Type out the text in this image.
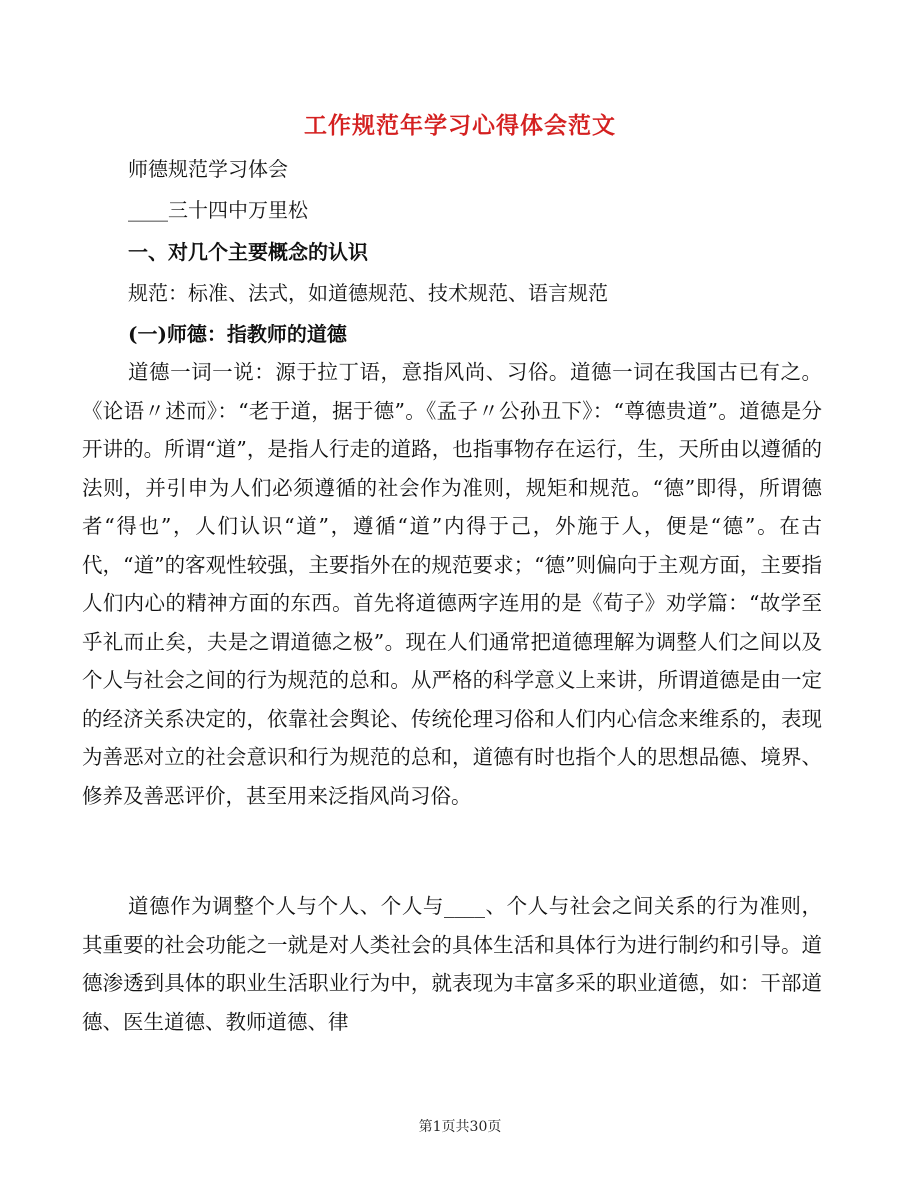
工作规范年学习心得体会范文
师德规范学习体会
____三十四中万里松
一、对几个主要概念的认识
规范：标准、法式，如道德规范、技术规范、语言规范
(一)师德：指教师的道德

道德一词一说：源于拉丁语，意指风尚、习俗。道德一词在我国古已有之。《论语〃述而》：“老于道，据于德”。《孟子〃公孙丑下》：“尊德贵道”。道德是分开讲的。所谓“道”，是指人行走的道路，也指事物存在运行，生，天所由以遵循的法则，并引申为人们必须遵循的社会作为准则，规矩和规范。“德”即得，所谓德者“得也”，人们认识“道”，遵循“道”内得于己，外施于人，便是“德”。在古代，“道”的客观性较强，主要指外在的规范要求；“德”则偏向于主观方面，主要指人们内心的精神方面的东西。首先将道德两字连用的是《荀子》劝学篇：“故学至乎礼而止矣，夫是之谓道德之极”。现在人们通常把道德理解为调整人们之间以及个人与社会之间的行为规范的总和。从严格的科学意义上来讲，所谓道德是由一定的经济关系决定的，依靠社会舆论、传统伦理习俗和人们内心信念来维系的，表现为善恶对立的社会意识和行为规范的总和，道德有时也指个人的思想品德、境界、修养及善恶评价，甚至用来泛指风尚习俗。

道德作为调整个人与个人、个人与____、个人与社会之间关系的行为准则，其重要的社会功能之一就是对人类社会的具体生活和具体行为进行制约和引导。道德渗透到具体的职业生活职业行为中，就表现为丰富多采的职业道德，如：干部道德、医生道德、教师道德、律

第1页共30页
